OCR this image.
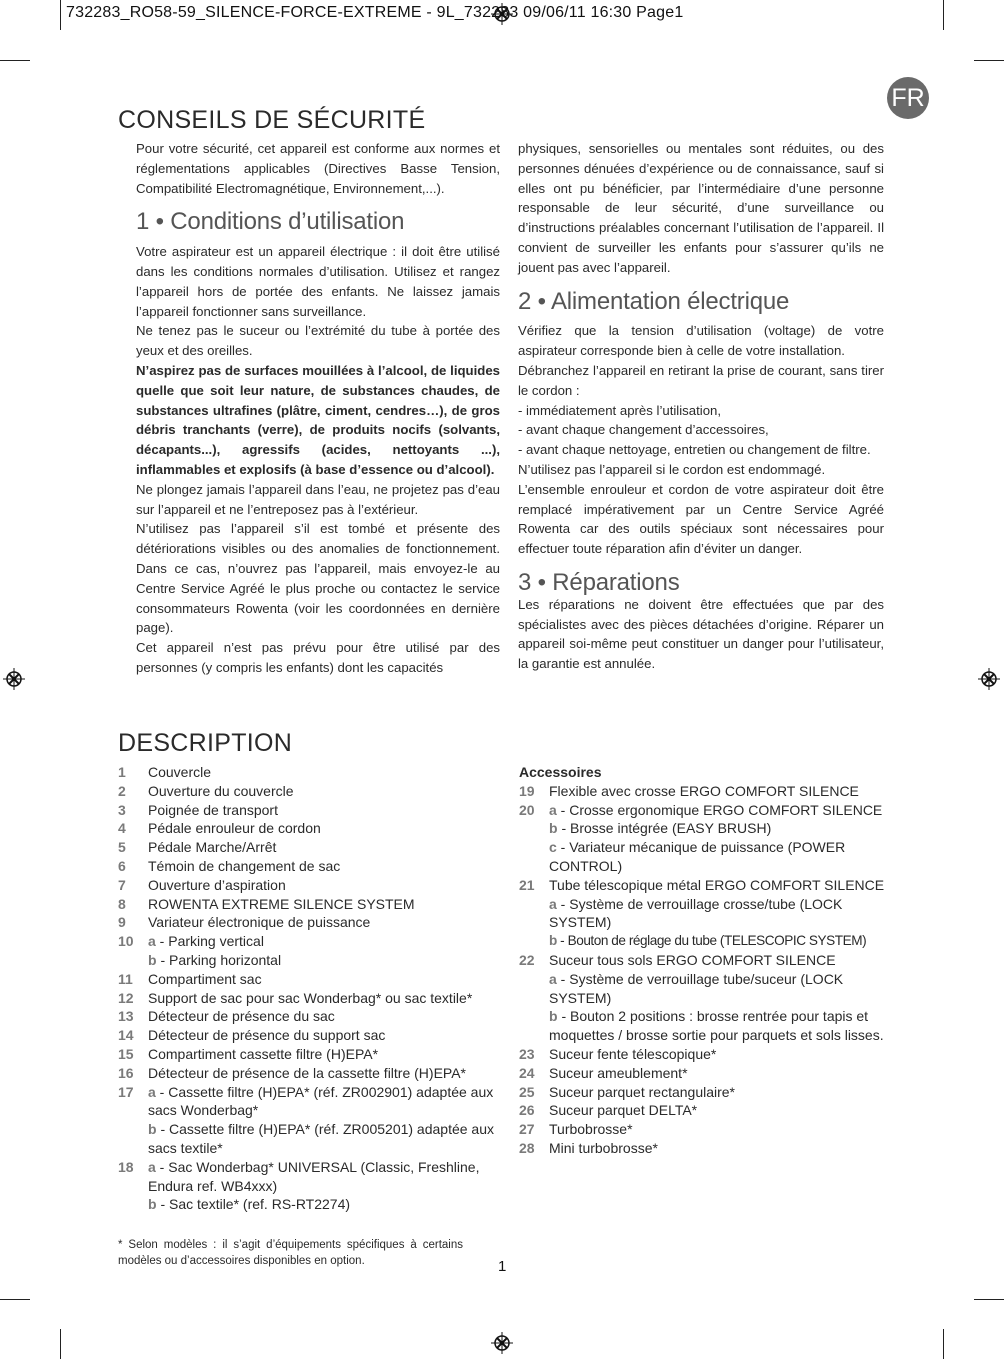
732283_RO58-59_SILENCE-FORCE-EXTREME - 9L_732283 09/06/11 16:30 Page1
FR
CONSEILS DE SÉCURITÉ

Pour votre sécurité, cet appareil est conforme aux normes et réglementations applicables (Directives Basse Tension, Compatibilité Electromagnétique, Environnement,...).

1 • Conditions d’utilisation

Votre aspirateur est un appareil électrique : il doit être utilisé dans les conditions normales d’utilisation. Utilisez et rangez l’appareil hors de portée des enfants. Ne laissez jamais l’appareil fonctionner sans surveillance.

Ne tenez pas le suceur ou l’extrémité du tube à portée des yeux et des oreilles.

N’aspirez pas de surfaces mouillées à l’alcool, de liquides quelle que soit leur nature, de substances chaudes, de substances ultrafines (plâtre, ciment, cendres…), de gros débris tranchants (verre), de produits nocifs (solvants, décapants...), agressifs (acides, nettoyants ...), inflammables et explosifs (à base d’essence ou d’alcool).

Ne plongez jamais l’appareil dans l’eau, ne projetez pas d’eau sur l’appareil et ne l’entreposez pas à l’extérieur.

N’utilisez pas l’appareil s’il est tombé et présente des détériorations visibles ou des anomalies de fonctionnement. Dans ce cas, n’ouvrez pas l’appareil, mais envoyez-le au Centre Service Agréé le plus proche ou contactez le service consommateurs Rowenta (voir les coordonnées en dernière page).

Cet appareil n’est pas prévu pour être utilisé par des personnes (y compris les enfants) dont les capacités

physiques, sensorielles ou mentales sont réduites, ou des personnes dénuées d’expérience ou de connaissance, sauf si elles ont pu bénéficier, par l’intermédiaire d’une personne responsable de leur sécurité, d’une surveillance ou d’instructions préalables concernant l’utilisation de l’appareil. Il convient de surveiller les enfants pour s’assurer qu’ils ne jouent pas avec l’appareil.

2 • Alimentation électrique

Vérifiez que la tension d’utilisation (voltage) de votre aspirateur corresponde bien à celle de votre installation.

Débranchez l’appareil en retirant la prise de courant, sans tirer le cordon :

- immédiatement après l’utilisation,

- avant chaque changement d’accessoires,

- avant chaque nettoyage, entretien ou changement de filtre.

N’utilisez pas l’appareil si le cordon est endommagé.

L’ensemble enrouleur et cordon de votre aspirateur doit être remplacé impérativement par un Centre Service Agréé Rowenta car des outils spéciaux sont nécessaires pour effectuer toute réparation afin d’éviter un danger.

3 • Réparations

Les réparations ne doivent être effectuées que par des spécialistes avec des pièces détachées d’origine. Réparer un appareil soi-même peut constituer un danger pour l’utilisateur, la garantie est annulée.

DESCRIPTION
1	Couvercle
2	Ouverture du couvercle
3	Poignée de transport
4	Pédale enrouleur de cordon
5	Pédale Marche/Arrêt
6	Témoin de changement de sac
7	Ouverture d’aspiration
8	ROWENTA EXTREME SILENCE SYSTEM
9	Variateur électronique de puissance
10	a - Parking vertical
b - Parking horizontal
11	Compartiment sac
12	Support de sac pour sac Wonderbag* ou sac textile*
13	Détecteur de présence du sac
14	Détecteur de présence du support sac
15	Compartiment cassette filtre (H)EPA*
16	Détecteur de présence de la cassette filtre (H)EPA*
17	a - Cassette filtre (H)EPA* (réf. ZR002901) adaptée aux sacs Wonderbag*
b - Cassette filtre (H)EPA* (réf. ZR005201) adaptée aux sacs textile*
18	a - Sac Wonderbag* UNIVERSAL (Classic, Freshline, Endura ref. WB4xxx)
b - Sac textile* (ref. RS-RT2274)
Accessoires
19	Flexible avec crosse ERGO COMFORT SILENCE
20	a - Crosse ergonomique ERGO COMFORT SILENCE
b - Brosse intégrée (EASY BRUSH)
c - Variateur mécanique de puissance (POWER CONTROL)
21	Tube télescopique métal ERGO COMFORT SILENCE
a - Système de verrouillage crosse/tube (LOCK SYSTEM)
b - Bouton de réglage du tube (TELESCOPIC SYSTEM)
22	Suceur tous sols ERGO COMFORT SILENCE
a - Système de verrouillage tube/suceur (LOCK SYSTEM)
b - Bouton 2 positions : brosse rentrée pour tapis et moquettes / brosse sortie pour parquets et sols lisses.
23	Suceur fente télescopique*
24	Suceur ameublement*
25	Suceur parquet rectangulaire*
26	Suceur parquet DELTA*
27	Turbobrosse*
28	Mini turbobrosse*
* Selon modèles : il s’agit d’équipements spécifiques à certains modèles ou d’accessoires disponibles en option.	1
